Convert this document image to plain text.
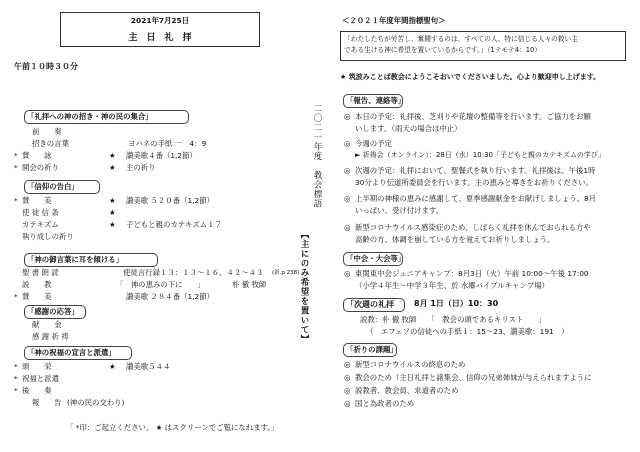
2021年7月25日
主　日　礼　拝
午前１０時３０分
「礼拝への神の招き・神の民の集合」
前　　奏
招きの言葉	ヨハネの手紙 一　4：9
* 賛　　詠	★ 讃美歌４番（1,2節）
* 開会の祈り	★ 主の祈り
「信仰の告白」
* 賛　　美	★ 讃美歌 ５２０番（1,2節）
使 徒 信 条	★
カテキズム	★ 子どもと親のカテキズム１７
執り成しの祈り
「神の御言葉に耳を傾ける」
聖 書 朗 読	使徒言行録１３：１３〜１６、４２〜４３ (新.p 238)
説　　教	「　神の恵みの下に　　」	朴 徹 牧師
* 賛　　美	讃美歌 ２８４番（1,2節）
「感謝の応答」
献　　金
感 謝 祈 祷
「神の祝福の宣言と派遣」
* 頌　　栄	★ 讃美歌５４４
* 祝福と派遣
* 後　　奏
報　　告 (神の民の交わり)
「 *印：ご起立ください。 ★ はスクリーンでご覧になれます。」
二〇二一年度　教会標語
【主にのみ希望を置いて】
＜２０２１年度年間指標聖句＞
「わたしたちが労苦し、奮闘するのは、すべての人、特に信じる人々の救い主
である生ける神に希望を置いているからです。」（1テモテ4：10）
★ 筑波みことば教会にようこそおいでくださいました。心より歓迎申し上げます。
「報告、連絡等」
◎ 本日の予定：礼拝後、芝刈りや花壇の整備等を行います。ご協力をお願
いします。（雨天の場合は中止）
◎ 今週の予定
► 祈祷会（オンライン）：28日（水）10:30「子どもと親のカテキズムの学び」
◎ 次週の予定：礼拝において、聖餐式を執り行います。礼拝後は、午後1時
30分より伝道所委員会を行います。主の恵みと導きをお祈りください。
◎ 上半期の神様の恵みに感謝して、夏季感謝献金をお献げしましょう。8月
いっぱい、受け付けます。
◎ 新型コロナウイルス感染症のため、しばらく礼拝を休んでおられる方や
高齢の方、体調を崩している方を覚えてお祈りしましょう。
「中会・大会等」
◎ 東関東中会ジュニアキャンプ：8月3日（火）午前 10:00〜午後 17:00
（小学４年生〜中学３年生、於 水郷バイブルキャンプ場）
「次週の礼拝	8月 1日（日）10：30
説教：朴 徹 牧師　　「　教会の頭であるキリスト　　」
（　エフェソの信徒への手紙１：15〜23、讃美歌：191　）
「祈りの課題」
◎ 新型コロナウイルスの終息のため
◎ 教会のため（主日礼拝と諸集会、信仰の兄弟姉妹が与えられますように
◎ 説教者、教会員、求道者のため
◎ 国と為政者のため
